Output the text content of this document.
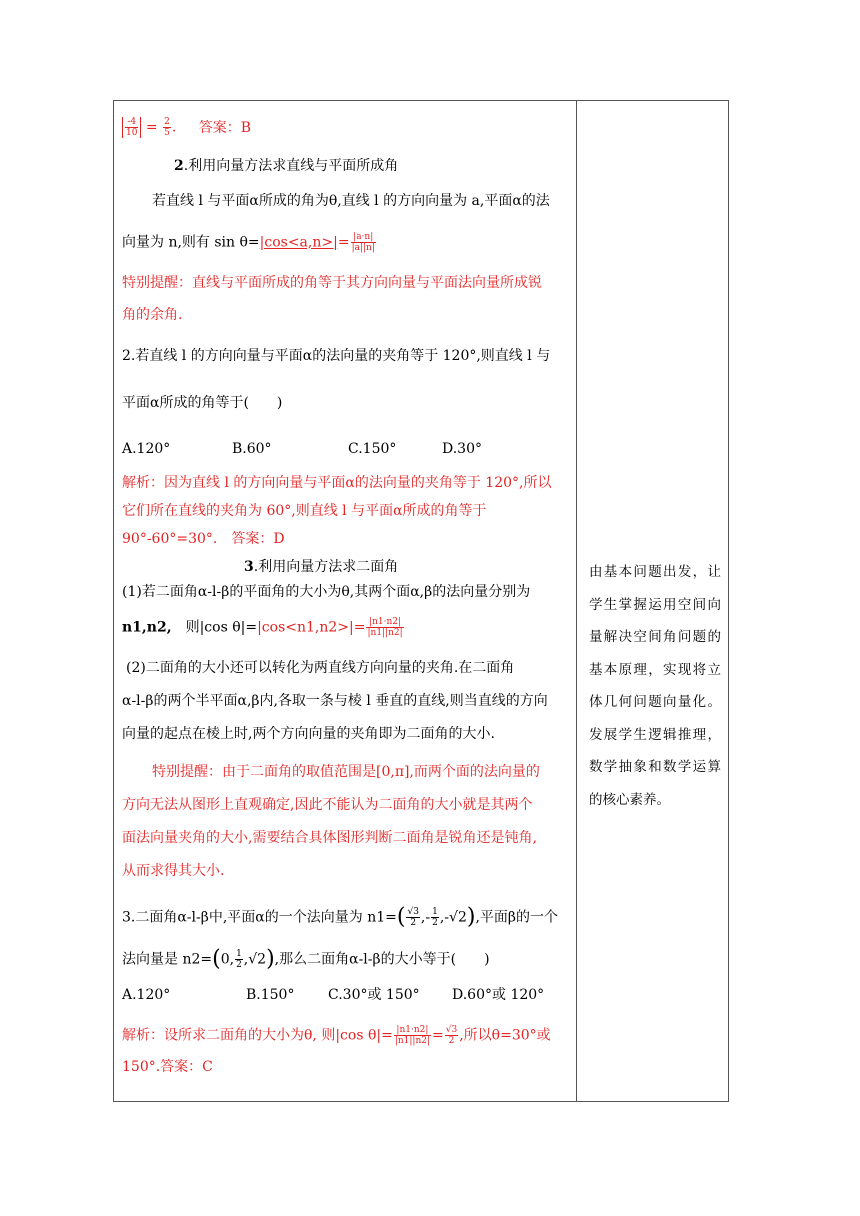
$\frac{-4}{10} = \frac{2}{5}$ . 答案：B
2.利用向量方法求直线与平面所成角
若直线 l 与平面α所成的角为θ,直线 l 的方向向量为 a,平面α的法
向量为 n,则有 $\sin \theta=|\cos<a,n>|= \frac{|a\cdot n|}{|a||n|}$
特别提醒：直线与平面所成的角等于其方向向量与平面法向量所成锐
角的余角.
2.若直线 l 的方向向量与平面α的法向量的夹角等于 120°,则直线 l 与
平面α所成的角等于(　　)
A.120°	B.60°	C.150°	D.30°
解析：因为直线 l 的方向向量与平面α的法向量的夹角等于 120°,所以
它们所在直线的夹角为 60°,则直线 l 与平面α所成的角等于
90°-60°=30°.　答案：D
3.利用向量方法求二面角
(1)若二面角α-l-β的平面角的大小为θ,其两个面α,β的法向量分别为
n1,n2,　则|cos $\theta|=|\cos<n1,n2>|= \frac{|n1\cdot n2|}{|n1||n2|}$
(2)二面角的大小还可以转化为两直线方向向量的夹角.在二面角
α-l-β的两个半平面α,β内,各取一条与棱 l 垂直的直线,则当直线的方向
向量的起点在棱上时,两个方向向量的夹角即为二面角的大小.
特别提醒：由于二面角的取值范围是[0,π],而两个面的法向量的
方向无法从图形上直观确定,因此不能认为二面角的大小就是其两个
面法向量夹角的大小,需要结合具体图形判断二面角是锐角还是钝角,
从而求得其大小.
3.二面角α-l-β中,平面α的一个法向量为 $n1=( \frac{√3}{2}$ ,- $\frac{1}{2} ,-√2$),平面β的一个
法向量是 n2=(0, $\frac{1}{2} ,√2$),那么二面角α-l-β的大小等于(　　)
A.120°	B.150° C.30°或 150° D.60°或 120°
解析：设所求二面角的大小为θ, 则|cos $\theta|= \frac{|n1\cdot n2|}{|n1||n2|} = \frac{√3}{2}$ ,所以θ=30°或
150°.答案：C
由基本问题出发，让学生掌握运用空间向量解决空间角问题的基本原理，实现将立体几何问题向量化。发展学生逻辑推理，数学抽象和数学运算的核心素养。
